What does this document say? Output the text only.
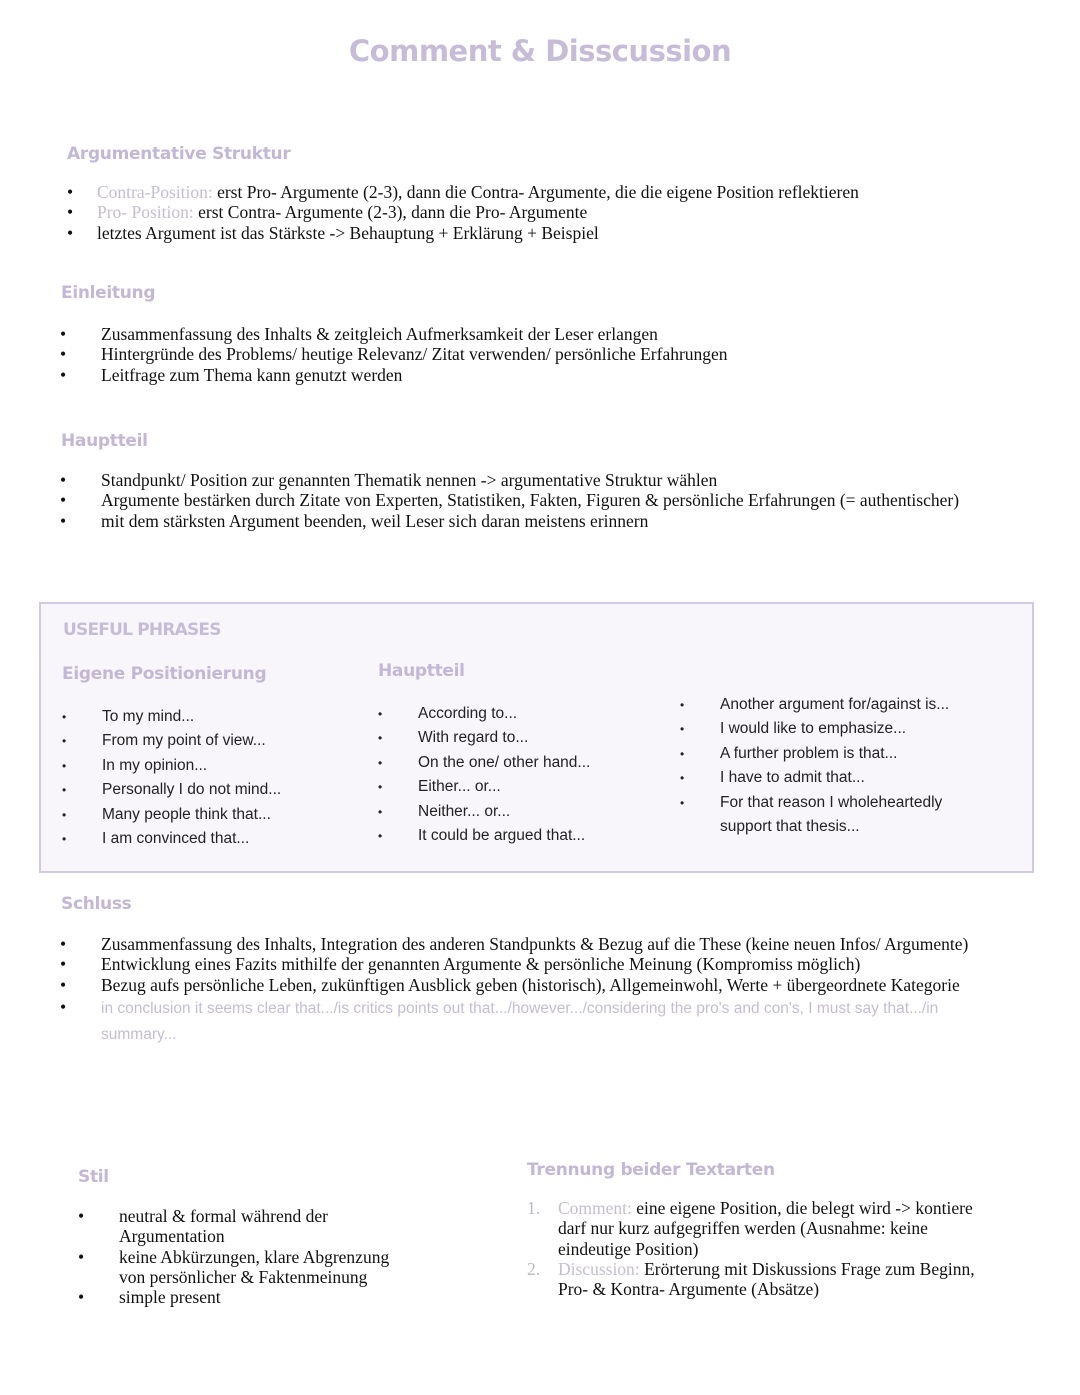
Comment & Disscussion
Argumentative Struktur
• Contra-Position: erst Pro- Argumente (2-3), dann die Contra- Argumente, die die eigene Position reflektieren
• Pro- Position: erst Contra- Argumente (2-3), dann die Pro- Argumente
• letztes Argument ist das Stärkste -> Behauptung + Erklärung + Beispiel
Einleitung
• Zusammenfassung des Inhalts & zeitgleich Aufmerksamkeit der Leser erlangen
• Hintergründe des Problems/ heutige Relevanz/ Zitat verwenden/ persönliche Erfahrungen
• Leitfrage zum Thema kann genutzt werden
Hauptteil
• Standpunkt/ Position zur genannten Thematik nennen -> argumentative Struktur wählen
• Argumente bestärken durch Zitate von Experten, Statistiken, Fakten, Figuren & persönliche Erfahrungen (= authentischer)
• mit dem stärksten Argument beenden, weil Leser sich daran meistens erinnern
USEFUL PHRASES
Eigene Positionierung	Hauptteil
• To my mind...
• From my point of view...
• In my opinion...
• Personally I do not mind...
• Many people think that...
• I am convinced that...
• According to...
• With regard to...
• On the one/ other hand...
• Either... or...
• Neither... or...
• It could be argued that...
• Another argument for/against is...
• I would like to emphasize...
• A further problem is that...
• I have to admit that...
• For that reason I wholeheartedly support that thesis...
Schluss
• Zusammenfassung des Inhalts, Integration des anderen Standpunkts & Bezug auf die These (keine neuen Infos/ Argumente)
• Entwicklung eines Fazits mithilfe der genannten Argumente & persönliche Meinung (Kompromiss möglich)
• Bezug aufs persönliche Leben, zukünftigen Ausblick geben (historisch), Allgemeinwohl, Werte + übergeordnete Kategorie
• in conclusion it seems clear that.../is critics points out that.../however.../considering the pro's and con's, I must say that.../in summary...
Stil
• neutral & formal während der Argumentation
• keine Abkürzungen, klare Abgrenzung von persönlicher & Faktenmeinung
• simple present
Trennung beider Textarten
1. Comment: eine eigene Position, die belegt wird -> kontiere darf nur kurz aufgegriffen werden (Ausnahme: keine eindeutige Position)
2. Discussion: Erörterung mit Diskussions Frage zum Beginn, Pro- & Kontra- Argumente (Absätze)
